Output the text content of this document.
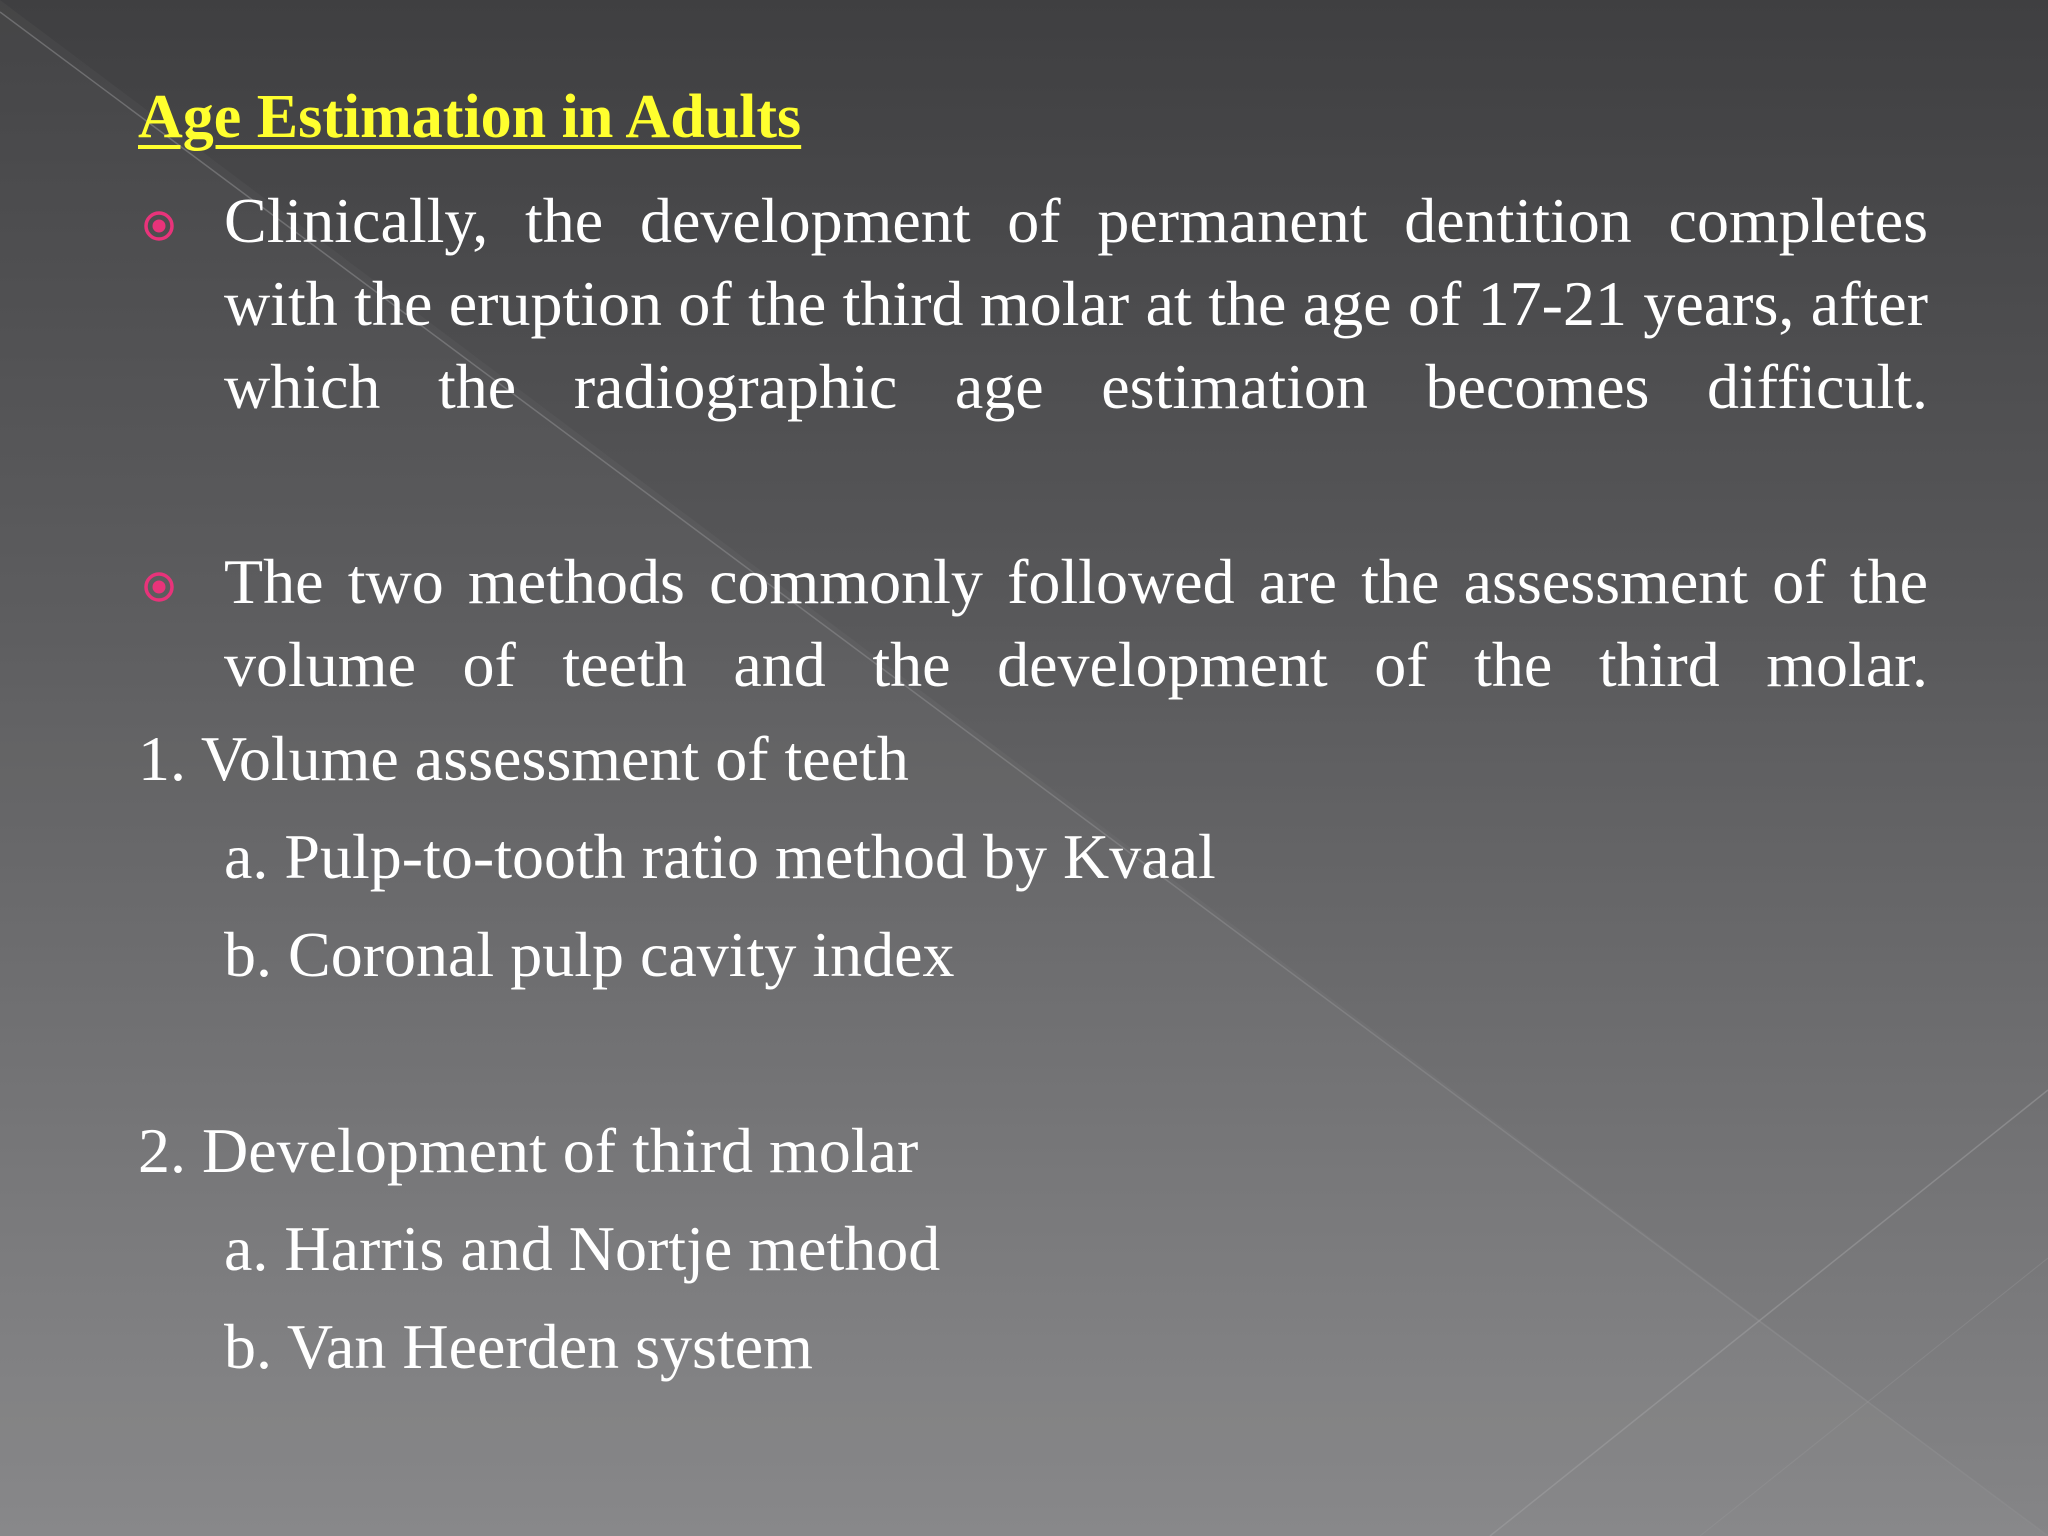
Age Estimation in Adults

Clinically, the development of permanent dentition completes with the eruption of the third molar at the age of 17-21 years, after which the radiographic age estimation becomes difficult.

The two methods commonly followed are the assessment of the volume of teeth and the development of the third molar.

1. Volume assessment of teeth

a. Pulp-to-tooth ratio method by Kvaal

b. Coronal pulp cavity index

2. Development of third molar

a. Harris and Nortje method

b. Van Heerden system
